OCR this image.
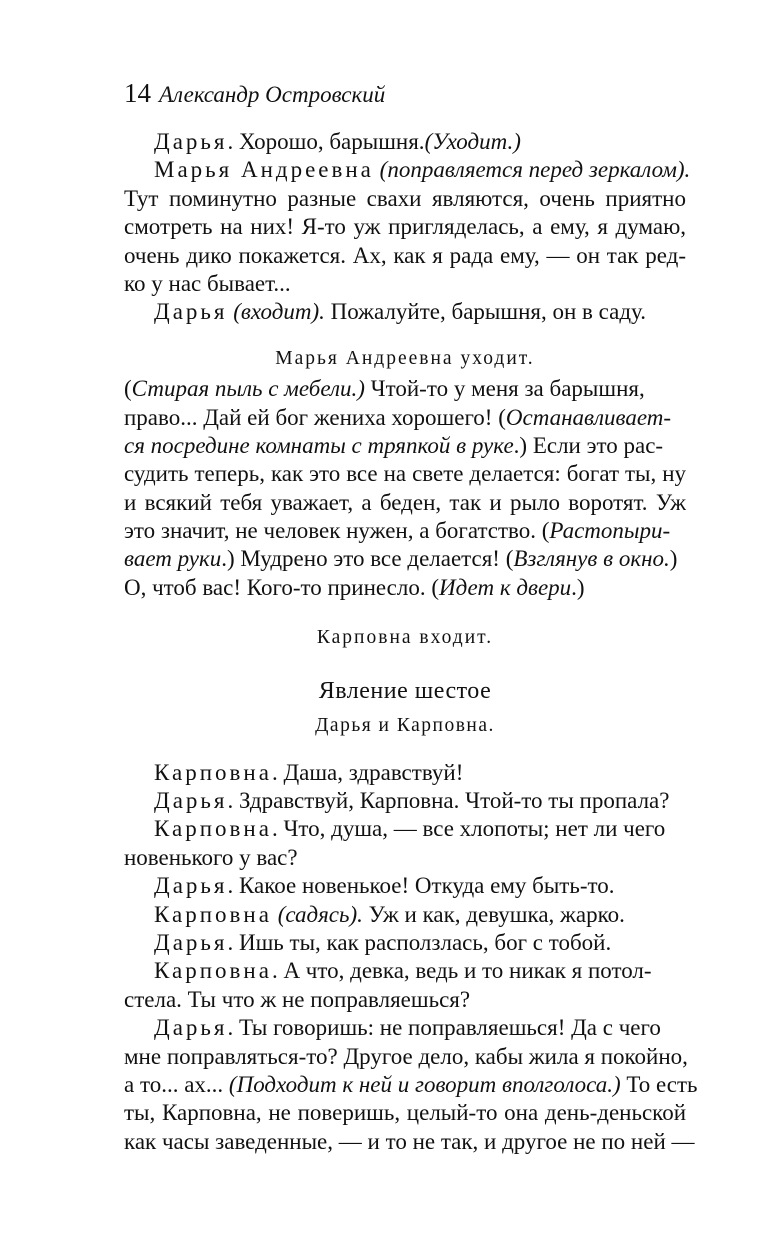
14 Александр Островский
Дарья . Хорошо, барышня. (Уходит.)
Марья Андреевна (поправляется перед зеркалом).
Тут поминутно разные свахи являются, очень приятно
смотреть на них! Я-то уж пригляделась, а ему, я думаю,
очень дико покажется. Ах, как я рада ему, — он так ред-
ко у нас бывает...
Дарья (входит). Пожалуйте, барышня, он в саду.
Марья Андреевна уходит.
( Стирая пыль с мебели.) Чтой-то у меня за барышня,
право... Дай ей бог жениха хорошего! ( Останавливает-
ся посредине комнаты с тряпкой в руке .) Если это рас-
судить теперь, как это все на свете делается: богат ты, ну
и всякий тебя уважает, а беден, так и рыло воротят. Уж
это значит, не человек нужен, а богатство. ( Растопыри-
вает руки .) Мудрено это все делается! ( Взглянув в окно. )
О, чтоб вас! Кого-то принесло. ( Идет к двери .)
Карповна входит.
Явление шестое
Дарья и Карповна.
Карповна . Даша, здравствуй!
Дарья . Здравствуй, Карповна. Чтой-то ты пропала?
Карповна . Что, душа, — все хлопоты; нет ли чего
новенького у вас?
Дарья . Какое новенькое! Откуда ему быть-то.
Карповна (садясь). Уж и как, девушка, жарко.
Дарья . Ишь ты, как расползлась, бог с тобой.
Карповна . А что, девка, ведь и то никак я потол-
стела. Ты что ж не поправляешься?
Дарья . Ты говоришь: не поправляешься! Да с чего
мне поправляться-то? Другое дело, кабы жила я покойно,
а то... ах... (Подходит к ней и говорит вполголоса.) То есть
ты, Карповна, не поверишь, целый-то она день-деньской
как часы заведенные, — и то не так, и другое не по ней —
